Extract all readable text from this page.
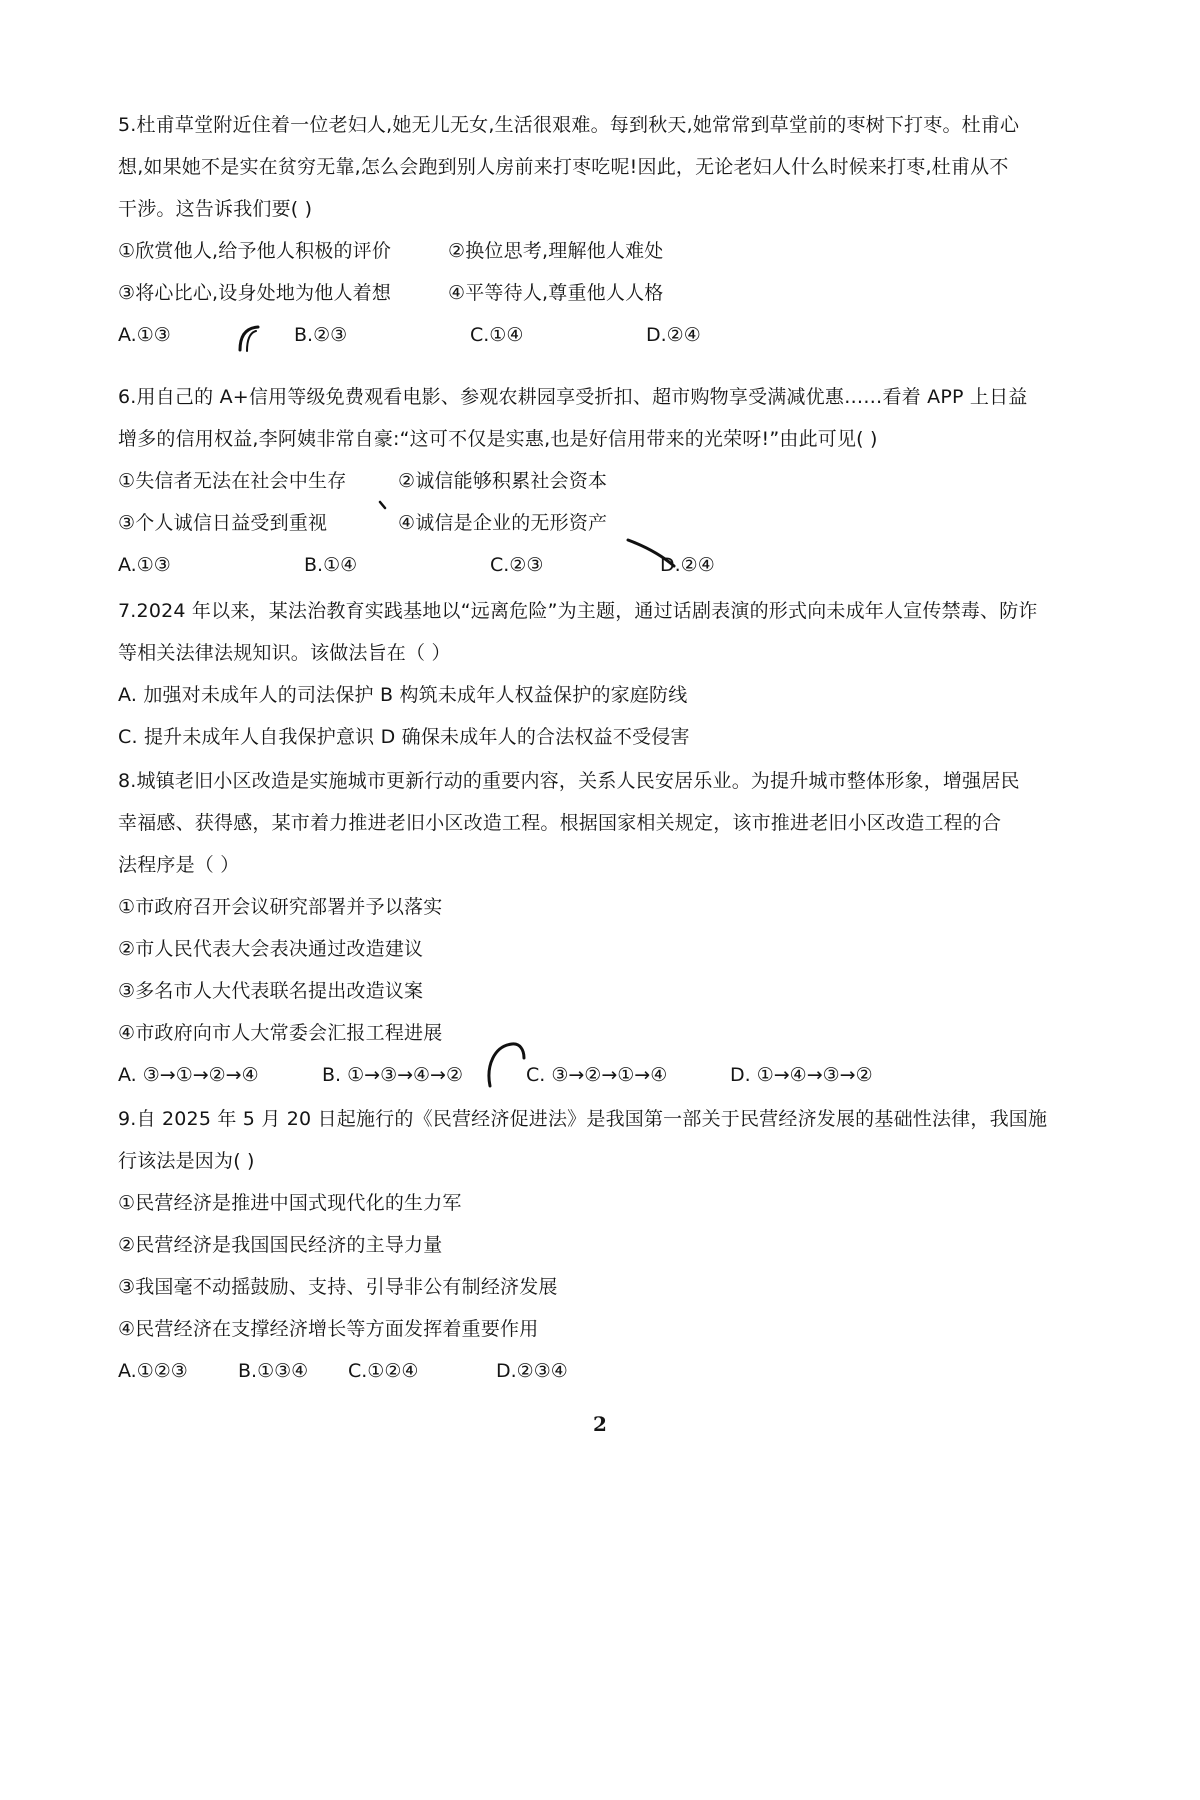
5.杜甫草堂附近住着一位老妇人,她无儿无女,生活很艰难。每到秋天,她常常到草堂前的枣树下打枣。杜甫心
想,如果她不是实在贫穷无靠,怎么会跑到别人房前来打枣吃呢!因此，无论老妇人什么时候来打枣,杜甫从不
干涉。这告诉我们要( )
①欣赏他人,给予他人积极的评价	②换位思考,理解他人难处
③将心比心,设身处地为他人着想	④平等待人,尊重他人人格
A.①③	B.②③	C.①④	D.②④
6.用自己的 A+信用等级免费观看电影、参观农耕园享受折扣、超市购物享受满减优惠……看着 APP 上日益
增多的信用权益,李阿姨非常自豪:“这可不仅是实惠,也是好信用带来的光荣呀!”由此可见( )
①失信者无法在社会中生存	②诚信能够积累社会资本
③个人诚信日益受到重视	④诚信是企业的无形资产
A.①③	B.①④	C.②③	D.②④
7.2024 年以来，某法治教育实践基地以“远离危险”为主题，通过话剧表演的形式向未成年人宣传禁毒、防诈
等相关法律法规知识。该做法旨在（ ）
A. 加强对未成年人的司法保护 B 构筑未成年人权益保护的家庭防线
C. 提升未成年人自我保护意识 D 确保未成年人的合法权益不受侵害
8.城镇老旧小区改造是实施城市更新行动的重要内容，关系人民安居乐业。为提升城市整体形象，增强居民
幸福感、获得感，某市着力推进老旧小区改造工程。根据国家相关规定，该市推进老旧小区改造工程的合
法程序是（ ）
①市政府召开会议研究部署并予以落实
②市人民代表大会表决通过改造建议
③多名市人大代表联名提出改造议案
④市政府向市人大常委会汇报工程进展
A. ③→①→②→④	B. ①→③→④→②	C. ③→②→①→④	D. ①→④→③→②
9.自 2025 年 5 月 20 日起施行的《民营经济促进法》是我国第一部关于民营经济发展的基础性法律，我国施
行该法是因为( )
①民营经济是推进中国式现代化的生力军
②民营经济是我国国民经济的主导力量
③我国毫不动摇鼓励、支持、引导非公有制经济发展
④民营经济在支撑经济增长等方面发挥着重要作用
A.①②③	B.①③④	C.①②④	D.②③④
2
